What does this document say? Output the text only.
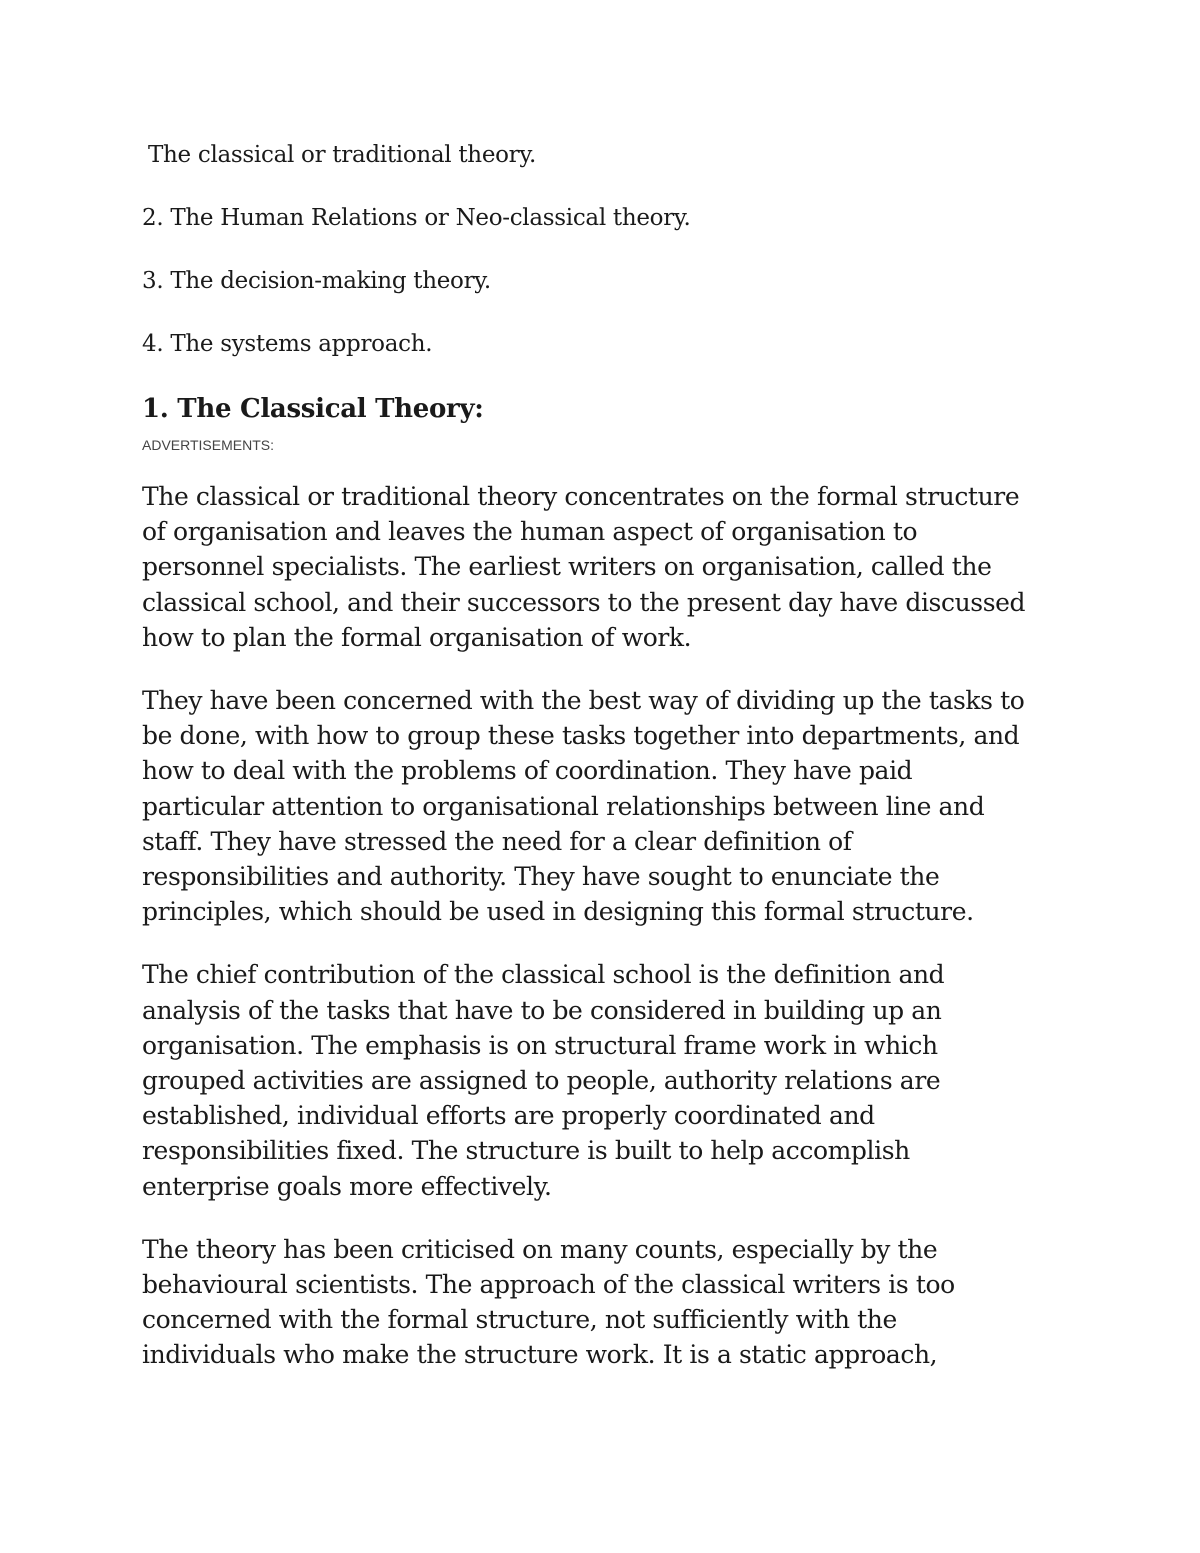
The classical or traditional theory.
2. The Human Relations or Neo-classical theory.
3. The decision-making theory.
4. The systems approach.
1. The Classical Theory:
ADVERTISEMENTS:
The classical or traditional theory concentrates on the formal structure
of organisation and leaves the human aspect of organisation to
personnel specialists. The earliest writers on organisation, called the
classical school, and their successors to the present day have discussed
how to plan the formal organisation of work.
They have been concerned with the best way of dividing up the tasks to
be done, with how to group these tasks together into departments, and
how to deal with the problems of coordination. They have paid
particular attention to organisational relationships between line and
staff. They have stressed the need for a clear definition of
responsibilities and authority. They have sought to enunciate the
principles, which should be used in designing this formal structure.
The chief contribution of the classical school is the definition and
analysis of the tasks that have to be considered in building up an
organisation. The emphasis is on structural frame work in which
grouped activities are assigned to people, authority relations are
established, individual efforts are properly coordinated and
responsibilities fixed. The structure is built to help accomplish
enterprise goals more effectively.
The theory has been criticised on many counts, especially by the
behavioural scientists. The approach of the classical writers is too
concerned with the formal structure, not sufficiently with the
individuals who make the structure work. It is a static approach,
